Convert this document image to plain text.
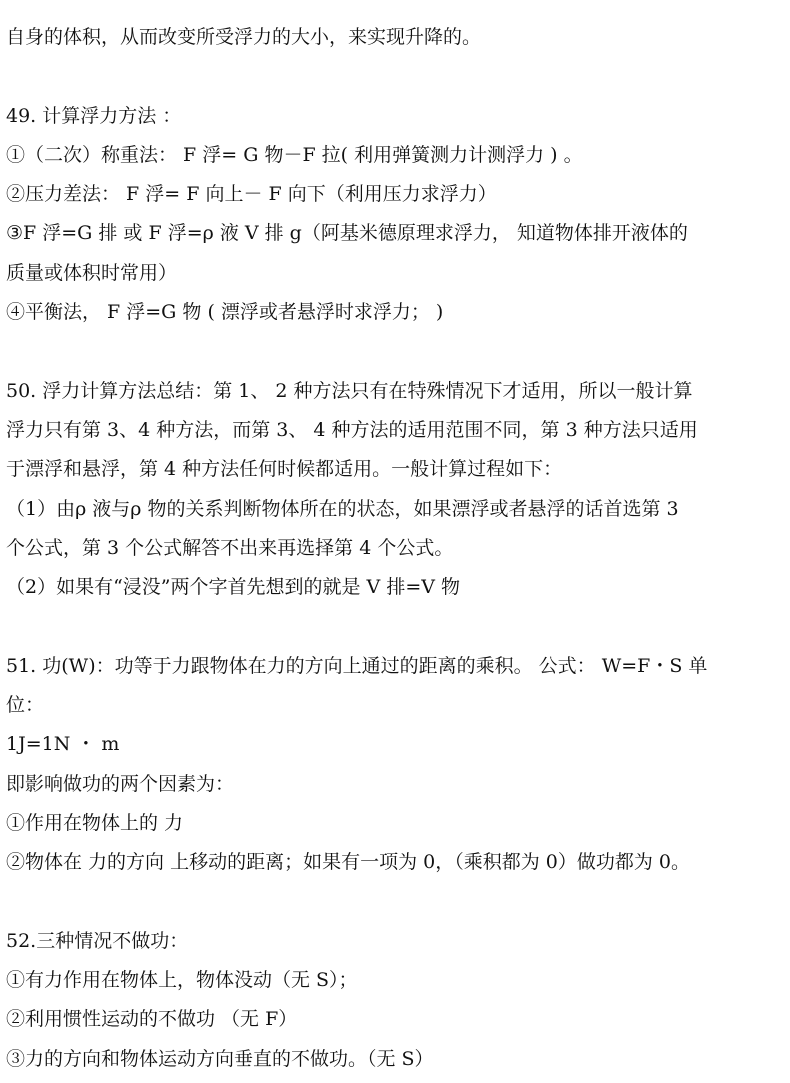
自身的体积，从而改变所受浮力的大小，来实现升降的。
49. 计算浮力方法 ：
①（二次）称重法： F 浮= G 物－F 拉( 利用弹簧测力计测浮力 ) 。
②压力差法： F 浮= F 向上－ F 向下（利用压力求浮力）
③F 浮=G 排 或 F 浮=ρ 液 V 排 g（阿基米德原理求浮力， 知道物体排开液体的
质量或体积时常用）
④平衡法， F 浮=G 物 ( 漂浮或者悬浮时求浮力； )
50. 浮力计算方法总结：第 1、 2 种方法只有在特殊情况下才适用，所以一般计算
浮力只有第 3、4 种方法，而第 3、 4 种方法的适用范围不同，第 3 种方法只适用
于漂浮和悬浮，第 4 种方法任何时候都适用。一般计算过程如下：
（1）由ρ 液与ρ 物的关系判断物体所在的状态，如果漂浮或者悬浮的话首选第 3
个公式，第 3 个公式解答不出来再选择第 4 个公式。
（2）如果有“浸没”两个字首先想到的就是 V 排=V 物
51. 功(W)：功等于力跟物体在力的方向上通过的距离的乘积。 公式： W=F・S 单
位：
1J=1N ・ m
即影响做功的两个因素为：
①作用在物体上的 力
②物体在 力的方向 上移动的距离；如果有一项为 0，（乘积都为 0）做功都为 0。
52.三种情况不做功：
①有力作用在物体上，物体没动（无 S）；
②利用惯性运动的不做功 （无 F）
③力的方向和物体运动方向垂直的不做功。（无 S）
